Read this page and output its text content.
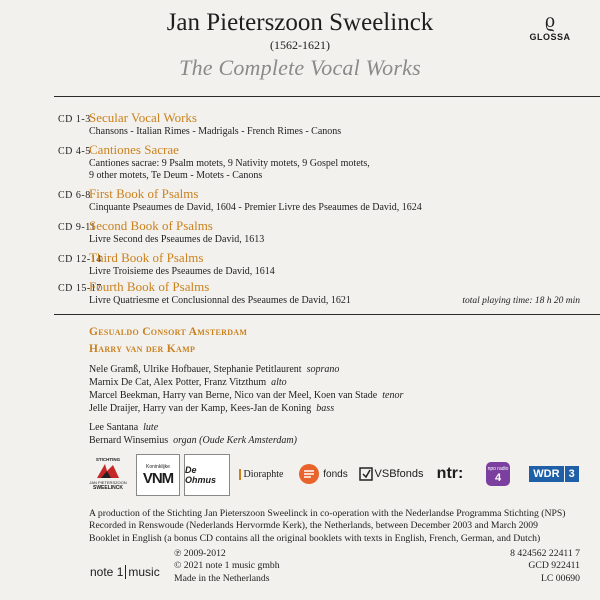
Jan Pieterszoon Sweelinck
(1562-1621)
The Complete Vocal Works
ϱ
GLOSSA
CD 1-3
Secular Vocal Works
Chansons - Italian Rimes - Madrigals - French Rimes - Canons
CD 4-5
Cantiones Sacrae
Cantiones sacrae: 9 Psalm motets, 9 Nativity motets, 9 Gospel motets,
9 other motets, Te Deum - Motets - Canons
CD 6-8
First Book of Psalms
Cinquante Pseaumes de David, 1604 - Premier Livre des Pseaumes de David, 1624
CD 9-11
Second Book of Psalms
Livre Second des Pseaumes de David, 1613
CD 12-14
Third Book of Psalms
Livre Troisieme des Pseaumes de David, 1614
CD 15-17
Fourth Book of Psalms
Livre Quatriesme et Conclusionnal des Pseaumes de David, 1621	total playing time: 18 h 20 min
Gesualdo Consort Amsterdam
Harry van der Kamp
Nele Gramß, Ulrike Hofbauer, Stephanie Petitlaurent soprano
Marnix De Cat, Alex Potter, Franz Vitzthum alto
Marcel Beekman, Harry van Berne, Nico van der Meel, Koen van Stade tenor
Jelle Draijer, Harry van der Kamp, Kees-Jan de Koning bass
Lee Santana lute
Bernard Winsemius organ (Oude Kerk Amsterdam)
STICHTING
JAN PIETERSZOON
SWEELINCK
Koninklijke
VNM De Ohmus
Dioraphte	fonds VSBfonds ntr:	npo radio
4	WDR 3
A production of the Stichting Jan Pieterszoon Sweelinck in co-operation with the Nederlandse Programma Stichting (NPS)
Recorded in Renswoude (Nederlands Hervormde Kerk), the Netherlands, between December 2003 and March 2009
Booklet in English (a bonus CD contains all the original booklets with texts in English, French, German, and Dutch)
note 1 music
℗ 2009-2012
© 2021 note 1 music gmbh
Made in the Netherlands
8 424562 22411 7
GCD 922411
LC 00690
